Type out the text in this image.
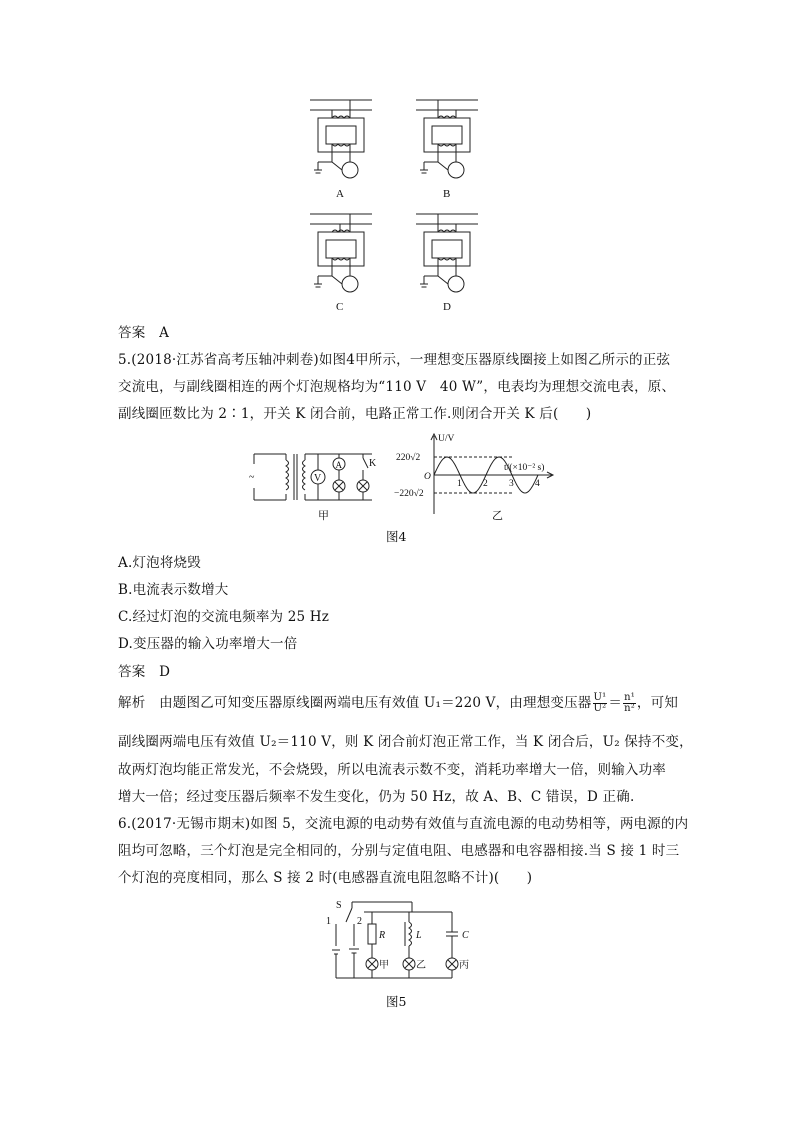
A	B
C	D
答案　A
5.(2018·江苏省高考压轴冲刺卷)如图4甲所示，一理想变压器原线圈接上如图乙所示的正弦
交流电，与副线圈相连的两个灯泡规格均为“110 V　40 W”，电表均为理想交流电表，原、
副线圈匝数比为 2∶1，开关 K 闭合前，电路正常工作.则闭合开关 K 后(　　)
~	V
A	K
甲
1 2 3 4
U/V
t/(×10⁻² s)
220√2
O
−220√2
乙
图4
A.灯泡将烧毁
B.电流表示数增大
C.经过灯泡的交流电频率为 25 Hz
D.变压器的输入功率增大一倍
答案　D
解析　由题图乙可知变压器原线圈两端电压有效值 U₁＝220 V，由理想变压器 $\frac{\text{U¹}}{\text{U²}} = \frac{\text{n¹}}{\text{n²}}$ ，可知
副线圈两端电压有效值 U₂＝110 V，则 K 闭合前灯泡正常工作，当 K 闭合后，U₂ 保持不变，
故两灯泡均能正常发光，不会烧毁，所以电流表示数不变，消耗功率增大一倍，则输入功率
增大一倍；经过变压器后频率不发生变化，仍为 50 Hz，故 A、B、C 错误，D 正确.
6.(2017·无锡市期末)如图 5，交流电源的电动势有效值与直流电源的电动势相等，两电源的内
阻均可忽略，三个灯泡是完全相同的，分别与定值电阻、电感器和电容器相接.当 S 接 1 时三
个灯泡的亮度相同，那么 S 接 2 时(电感器直流电阻忽略不计)(　　)
S
1	2
R	L	C
甲	乙	丙
图5
